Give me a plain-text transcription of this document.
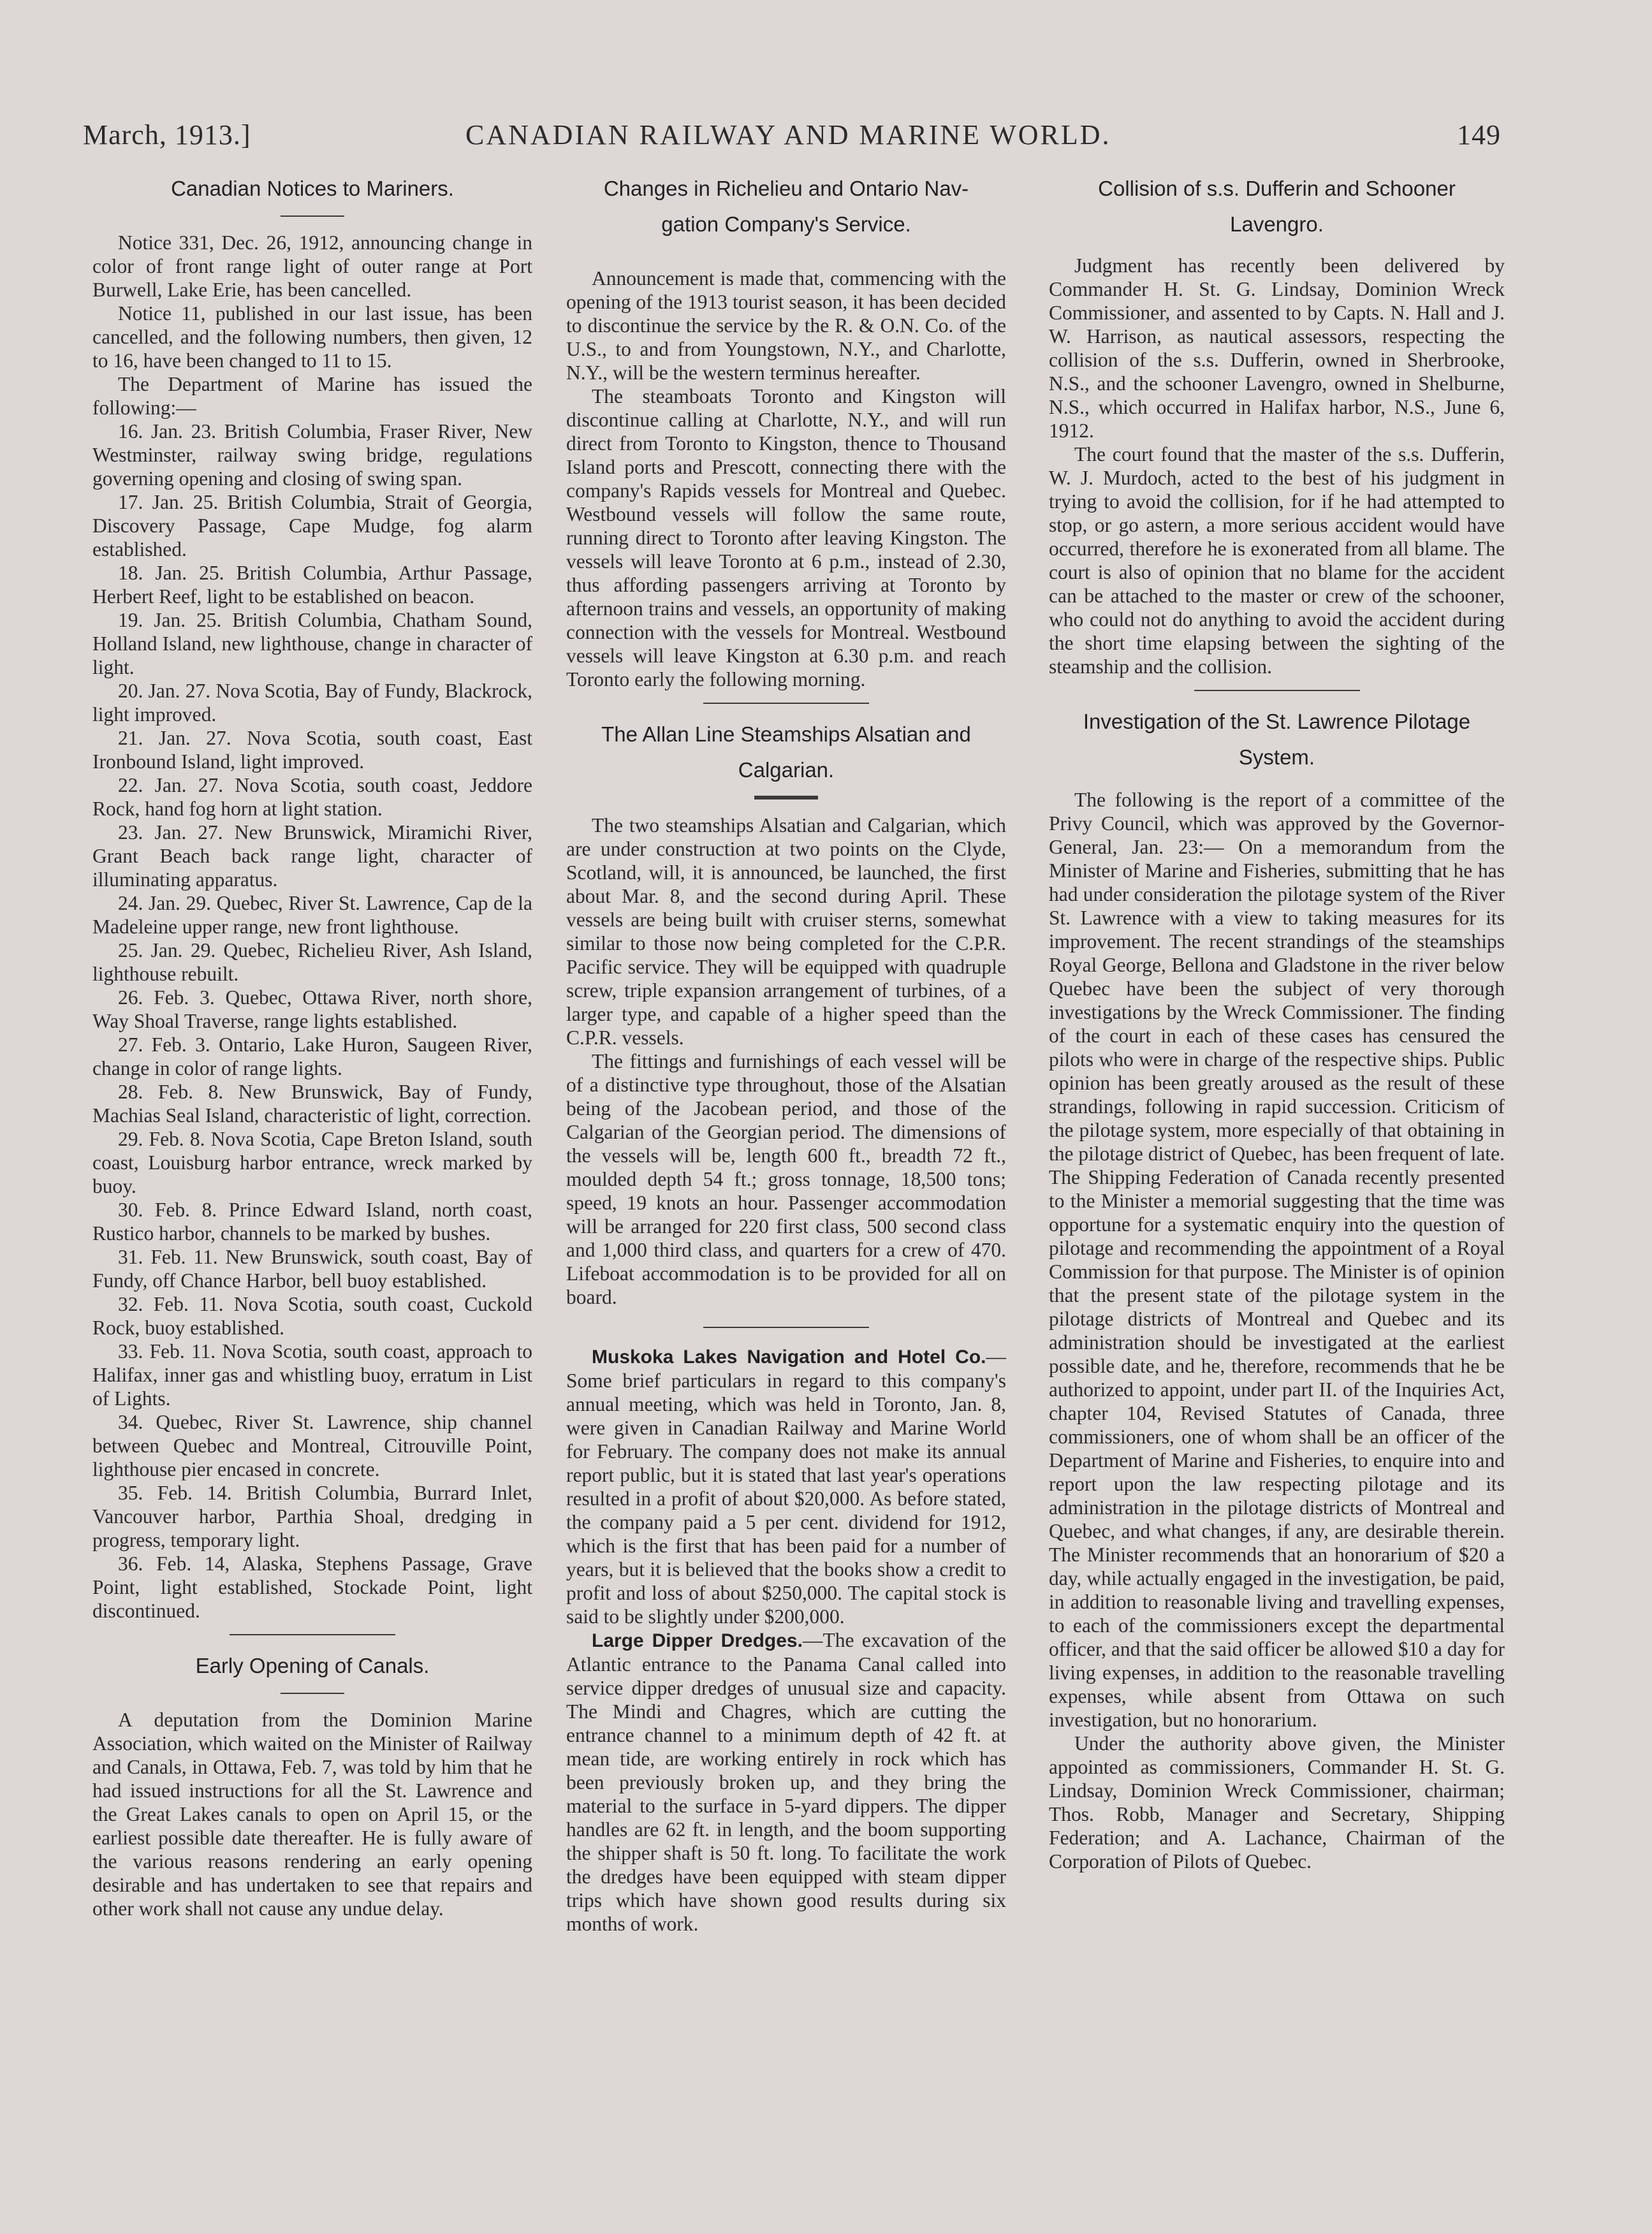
March, 1913.]	CANADIAN RAILWAY AND MARINE WORLD.	149
Canadian Notices to Mariners.

Notice 331, Dec. 26, 1912, announcing change in color of front range light of outer range at Port Burwell, Lake Erie, has been cancelled.

Notice 11, published in our last issue, has been cancelled, and the following numbers, then given, 12 to 16, have been changed to 11 to 15.

The Department of Marine has issued the following:—

16. Jan. 23. British Columbia, Fraser River, New Westminster, railway swing bridge, regulations governing opening and closing of swing span.

17. Jan. 25. British Columbia, Strait of Georgia, Discovery Passage, Cape Mudge, fog alarm established.

18. Jan. 25. British Columbia, Arthur Passage, Herbert Reef, light to be established on beacon.

19. Jan. 25. British Columbia, Chatham Sound, Holland Island, new lighthouse, change in character of light.

20. Jan. 27. Nova Scotia, Bay of Fundy, Blackrock, light improved.

21. Jan. 27. Nova Scotia, south coast, East Ironbound Island, light improved.

22. Jan. 27. Nova Scotia, south coast, Jeddore Rock, hand fog horn at light station.

23. Jan. 27. New Brunswick, Miramichi River, Grant Beach back range light, character of illuminating apparatus.

24. Jan. 29. Quebec, River St. Lawrence, Cap de la Madeleine upper range, new front lighthouse.

25. Jan. 29. Quebec, Richelieu River, Ash Island, lighthouse rebuilt.

26. Feb. 3. Quebec, Ottawa River, north shore, Way Shoal Traverse, range lights established.

27. Feb. 3. Ontario, Lake Huron, Saugeen River, change in color of range lights.

28. Feb. 8. New Brunswick, Bay of Fundy, Machias Seal Island, characteristic of light, correction.

29. Feb. 8. Nova Scotia, Cape Breton Island, south coast, Louisburg harbor entrance, wreck marked by buoy.

30. Feb. 8. Prince Edward Island, north coast, Rustico harbor, channels to be marked by bushes.

31. Feb. 11. New Brunswick, south coast, Bay of Fundy, off Chance Harbor, bell buoy established.

32. Feb. 11. Nova Scotia, south coast, Cuckold Rock, buoy established.

33. Feb. 11. Nova Scotia, south coast, approach to Halifax, inner gas and whistling buoy, erratum in List of Lights.

34. Quebec, River St. Lawrence, ship channel between Quebec and Montreal, Citrouville Point, lighthouse pier encased in concrete.

35. Feb. 14. British Columbia, Burrard Inlet, Vancouver harbor, Parthia Shoal, dredging in progress, temporary light.

36. Feb. 14, Alaska, Stephens Passage, Grave Point, light established, Stockade Point, light discontinued.

Early Opening of Canals.

A deputation from the Dominion Marine Association, which waited on the Minister of Railway and Canals, in Ottawa, Feb. 7, was told by him that he had issued instructions for all the St. Lawrence and the Great Lakes canals to open on April 15, or the earliest possible date thereafter. He is fully aware of the various reasons rendering an early opening desirable and has undertaken to see that repairs and other work shall not cause any undue delay.

Changes in Richelieu and Ontario Nav-
gation Company's Service.

Announcement is made that, commencing with the opening of the 1913 tourist season, it has been decided to discontinue the service by the R. & O.N. Co. of the U.S., to and from Youngstown, N.Y., and Charlotte, N.Y., will be the western terminus hereafter.

The steamboats Toronto and Kingston will discontinue calling at Charlotte, N.Y., and will run direct from Toronto to Kingston, thence to Thousand Island ports and Prescott, connecting there with the company's Rapids vessels for Montreal and Quebec. Westbound vessels will follow the same route, running direct to Toronto after leaving Kingston. The vessels will leave Toronto at 6 p.m., instead of 2.30, thus affording passengers arriving at Toronto by afternoon trains and vessels, an opportunity of making connection with the vessels for Montreal. Westbound vessels will leave Kingston at 6.30 p.m. and reach Toronto early the following morning.

The Allan Line Steamships Alsatian and
Calgarian.

The two steamships Alsatian and Calgarian, which are under construction at two points on the Clyde, Scotland, will, it is announced, be launched, the first about Mar. 8, and the second during April. These vessels are being built with cruiser sterns, somewhat similar to those now being completed for the C.P.R. Pacific service. They will be equipped with quadruple screw, triple expansion arrangement of turbines, of a larger type, and capable of a higher speed than the C.P.R. vessels.

The fittings and furnishings of each vessel will be of a distinctive type throughout, those of the Alsatian being of the Jacobean period, and those of the Calgarian of the Georgian period. The dimensions of the vessels will be, length 600 ft., breadth 72 ft., moulded depth 54 ft.; gross tonnage, 18,500 tons; speed, 19 knots an hour. Passenger accommodation will be arranged for 220 first class, 500 second class and 1,000 third class, and quarters for a crew of 470. Lifeboat accommodation is to be provided for all on board.

Muskoka Lakes Navigation and Hotel Co.—Some brief particulars in regard to this company's annual meeting, which was held in Toronto, Jan. 8, were given in Canadian Railway and Marine World for February. The company does not make its annual report public, but it is stated that last year's operations resulted in a profit of about $20,000. As before stated, the company paid a 5 per cent. dividend for 1912, which is the first that has been paid for a number of years, but it is believed that the books show a credit to profit and loss of about $250,000. The capital stock is said to be slightly under $200,000.

Large Dipper Dredges.—The excavation of the Atlantic entrance to the Panama Canal called into service dipper dredges of unusual size and capacity. The Mindi and Chagres, which are cutting the entrance channel to a minimum depth of 42 ft. at mean tide, are working entirely in rock which has been previously broken up, and they bring the material to the surface in 5-yard dippers. The dipper handles are 62 ft. in length, and the boom supporting the shipper shaft is 50 ft. long. To facilitate the work the dredges have been equipped with steam dipper trips which have shown good results during six months of work.

Collision of s.s. Dufferin and Schooner
Lavengro.

Judgment has recently been delivered by Commander H. St. G. Lindsay, Dominion Wreck Commissioner, and assented to by Capts. N. Hall and J. W. Harrison, as nautical assessors, respecting the collision of the s.s. Dufferin, owned in Sherbrooke, N.S., and the schooner Lavengro, owned in Shelburne, N.S., which occurred in Halifax harbor, N.S., June 6, 1912.

The court found that the master of the s.s. Dufferin, W. J. Murdoch, acted to the best of his judgment in trying to avoid the collision, for if he had attempted to stop, or go astern, a more serious accident would have occurred, therefore he is exonerated from all blame. The court is also of opinion that no blame for the accident can be attached to the master or crew of the schooner, who could not do anything to avoid the accident during the short time elapsing between the sighting of the steamship and the collision.

Investigation of the St. Lawrence Pilotage
System.

The following is the report of a committee of the Privy Council, which was approved by the Governor-General, Jan. 23:— On a memorandum from the Minister of Marine and Fisheries, submitting that he has had under consideration the pilotage system of the River St. Lawrence with a view to taking measures for its improvement. The recent strandings of the steamships Royal George, Bellona and Gladstone in the river below Quebec have been the subject of very thorough investigations by the Wreck Commissioner. The finding of the court in each of these cases has censured the pilots who were in charge of the respective ships. Public opinion has been greatly aroused as the result of these strandings, following in rapid succession. Criticism of the pilotage system, more especially of that obtaining in the pilotage district of Quebec, has been frequent of late. The Shipping Federation of Canada recently presented to the Minister a memorial suggesting that the time was opportune for a systematic enquiry into the question of pilotage and recommending the appointment of a Royal Commission for that purpose. The Minister is of opinion that the present state of the pilotage system in the pilotage districts of Montreal and Quebec and its administration should be investigated at the earliest possible date, and he, therefore, recommends that he be authorized to appoint, under part II. of the Inquiries Act, chapter 104, Revised Statutes of Canada, three commissioners, one of whom shall be an officer of the Department of Marine and Fisheries, to enquire into and report upon the law respecting pilotage and its administration in the pilotage districts of Montreal and Quebec, and what changes, if any, are desirable therein. The Minister recommends that an honorarium of $20 a day, while actually engaged in the investigation, be paid, in addition to reasonable living and travelling expenses, to each of the commissioners except the departmental officer, and that the said officer be allowed $10 a day for living expenses, in addition to the reasonable travelling expenses, while absent from Ottawa on such investigation, but no honorarium.

Under the authority above given, the Minister appointed as commissioners, Commander H. St. G. Lindsay, Dominion Wreck Commissioner, chairman; Thos. Robb, Manager and Secretary, Shipping Federation; and A. Lachance, Chairman of the Corporation of Pilots of Quebec.
